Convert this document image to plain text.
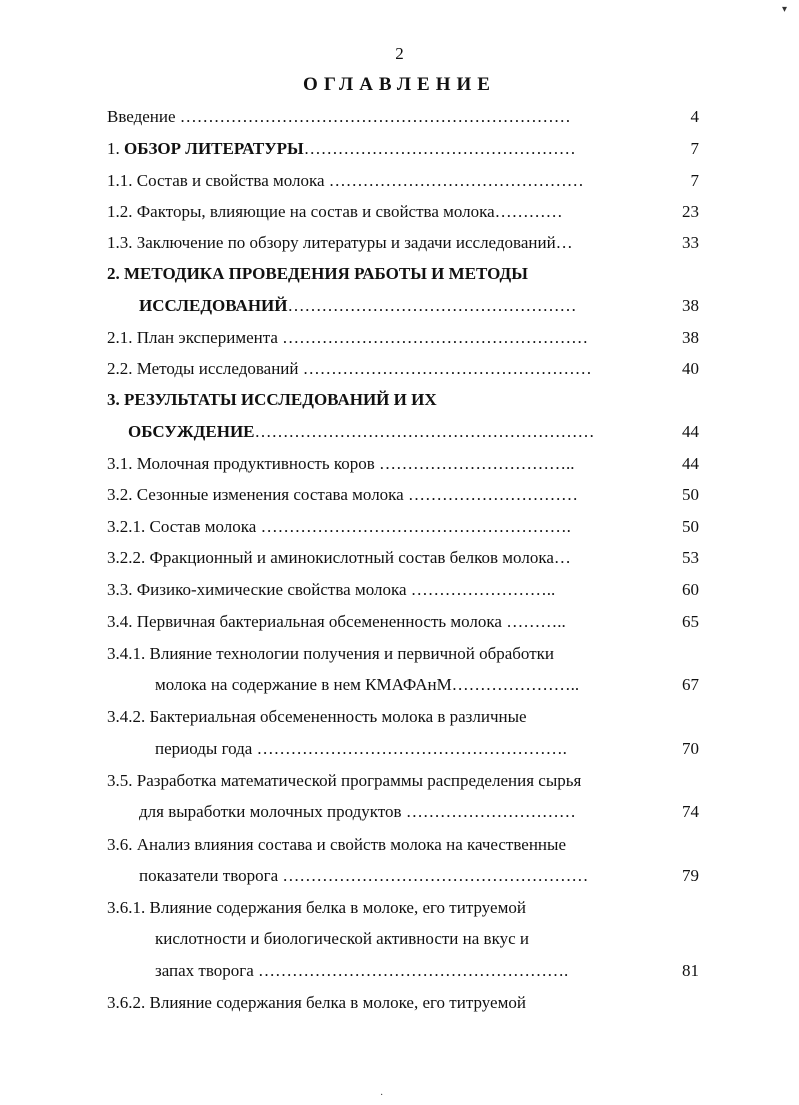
2
ОГЛАВЛЕНИЕ
Введение ……………………………………………………………	4
1. ОБЗОР ЛИТЕРАТУРЫ…………………………………………	7
1.1. Состав и свойства молока ………………………………………	7
1.2. Факторы, влияющие на состав и свойства молока…………	23
1.3. Заключение по обзору литературы и задачи исследований…	33
2. МЕТОДИКА ПРОВЕДЕНИЯ РАБОТЫ И МЕТОДЫ
ИССЛЕДОВАНИЙ……………………………………………	38
2.1. План эксперимента ………………………………………………	38
2.2. Методы исследований ……………………………………………	40
3. РЕЗУЛЬТАТЫ ИССЛЕДОВАНИЙ И ИХ
ОБСУЖДЕНИЕ……………………………………………………	44
3.1. Молочная продуктивность коров ……………………………..	44
3.2. Сезонные изменения состава молока …………………………	50
3.2.1. Состав молока ……………………………………………….	50
3.2.2. Фракционный и аминокислотный состав белков молока…	53
3.3. Физико-химические свойства молока ……………………..	60
3.4. Первичная бактериальная обсемененность молока ………..	65
3.4.1. Влияние технологии получения и первичной обработки
молока на содержание в нем КМАФАнМ…………………..	67
3.4.2. Бактериальная обсемененность молока в различные
периоды года ……………………………………………….	70
3.5. Разработка математической программы распределения сырья
для выработки молочных продуктов …………………………	74
3.6. Анализ влияния состава и свойств молока на качественные
показатели творога ………………………………………………	79
3.6.1. Влияние содержания белка в молоке, его титруемой
кислотности и биологической активности на вкус и
запах творога ……………………………………………….	81
3.6.2. Влияние содержания белка в молоке, его титруемой
▾
·
